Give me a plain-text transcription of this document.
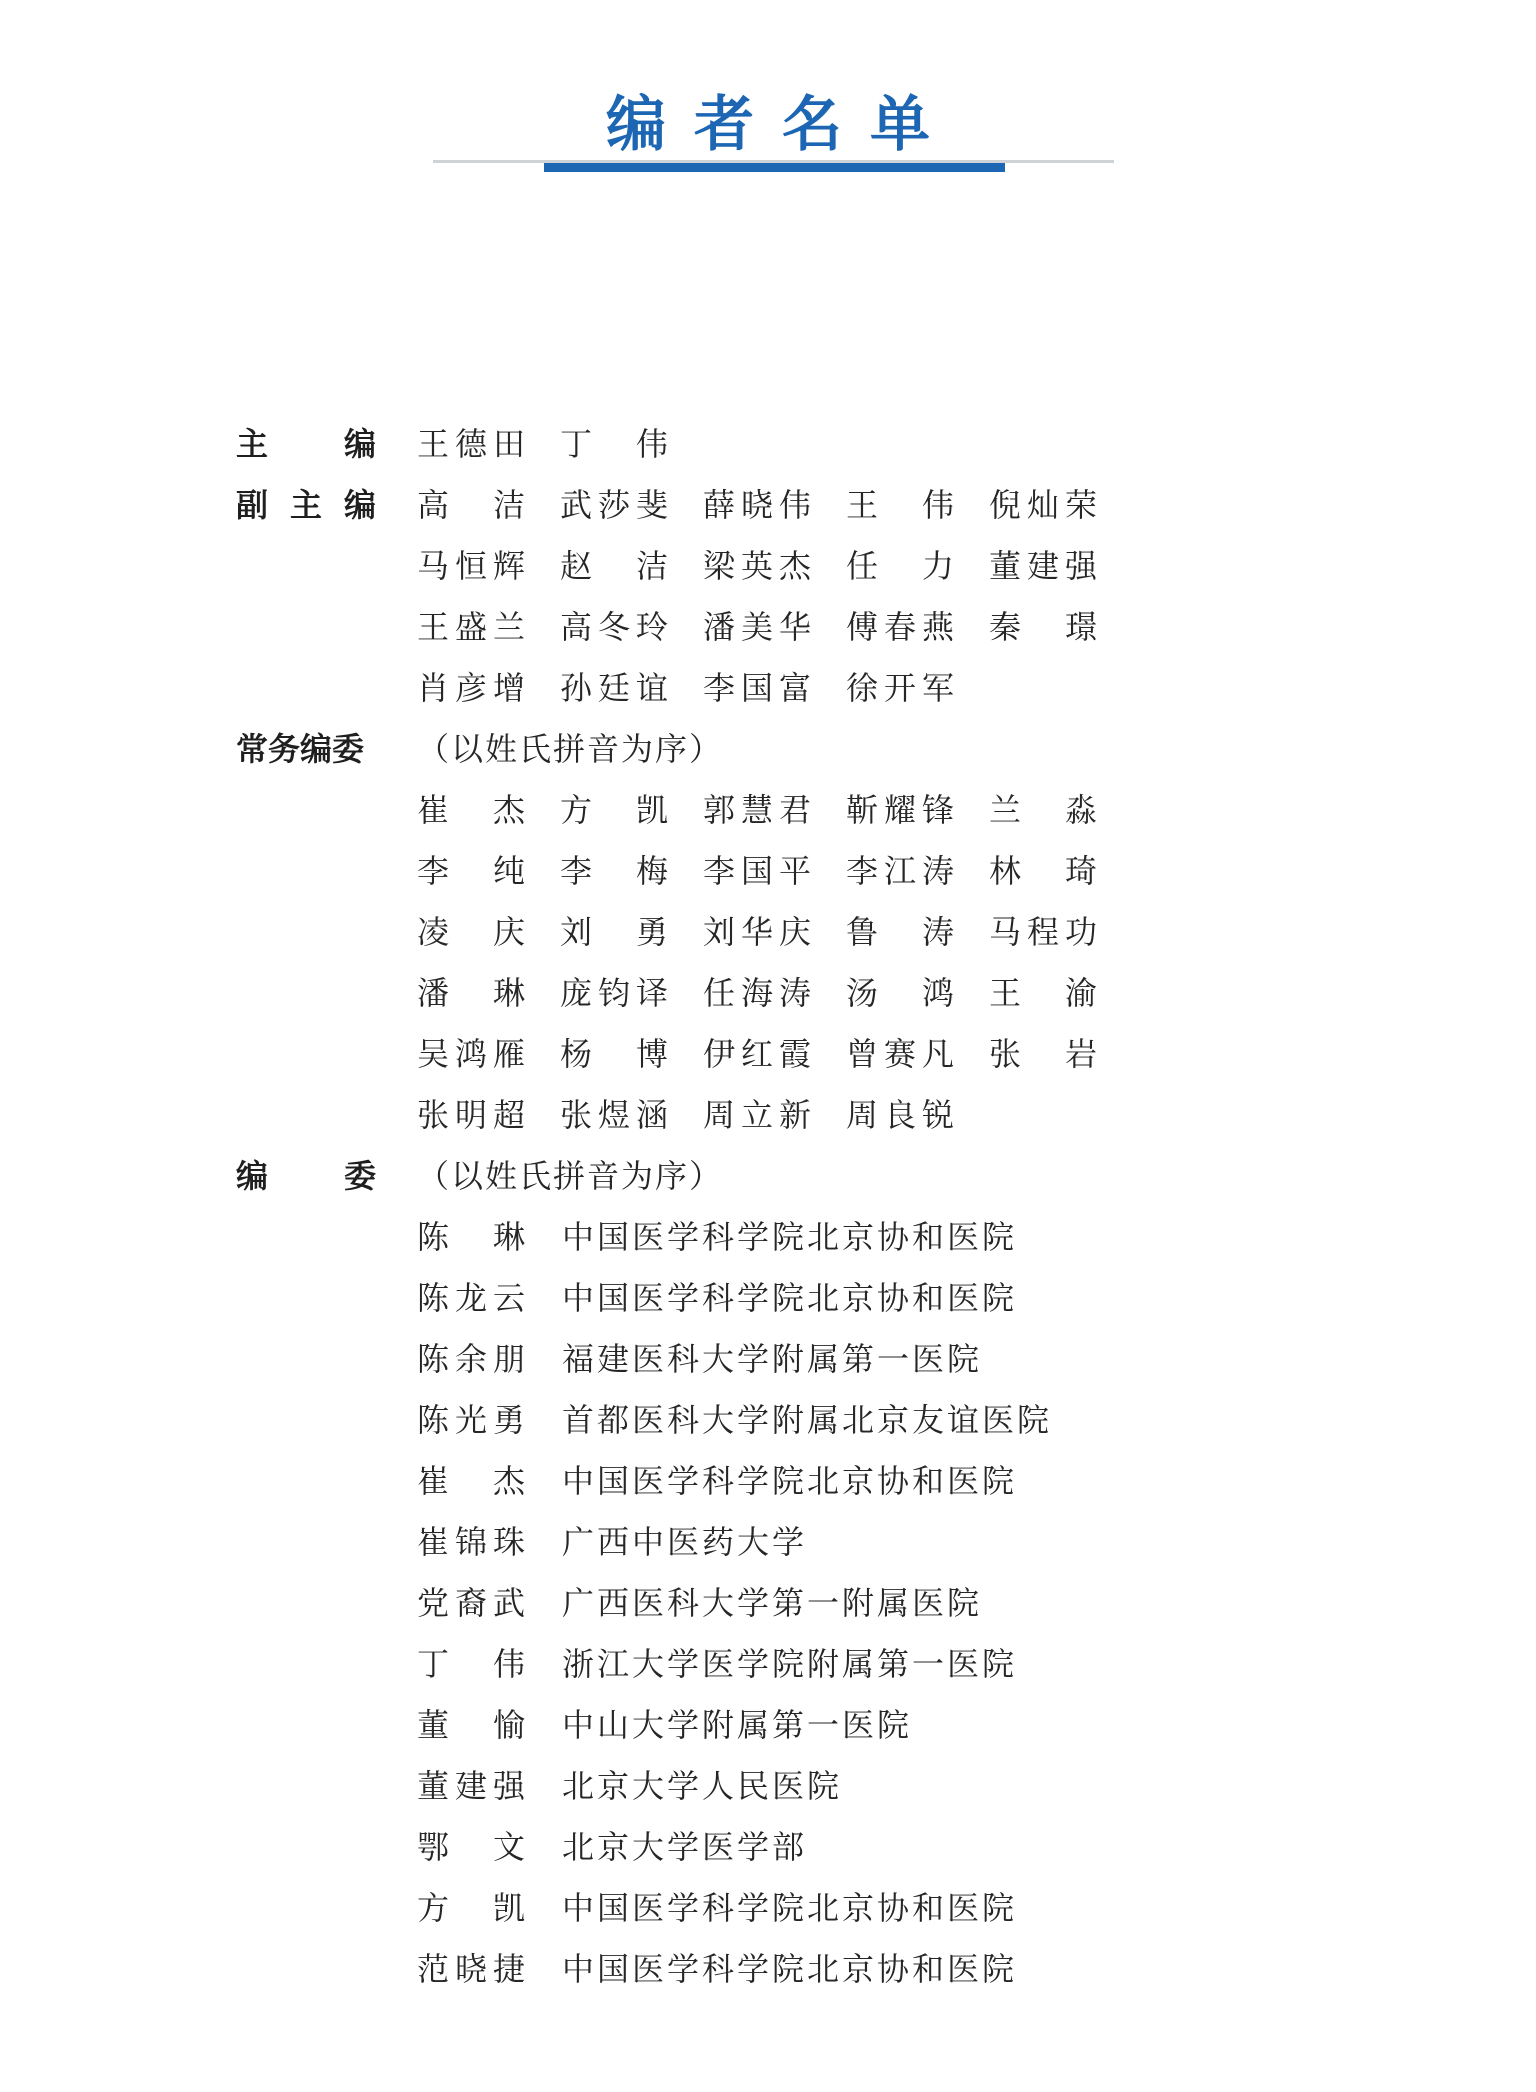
编者名单
主 编 王 德 田 丁 伟
副 主 编 高 洁 武 莎 斐 薛 晓 伟 王 伟 倪 灿 荣
马 恒 辉 赵 洁 梁 英 杰 任 力 董 建 强
王 盛 兰 高 冬 玲 潘 美 华 傅 春 燕 秦 璟
肖 彦 增 孙 廷 谊 李 国 富 徐 开 军
常务编委	（以姓氏拼音为序）
崔 杰 方 凯 郭 慧 君 靳 耀 锋 兰 淼
李 纯 李 梅 李 国 平 李 江 涛 林 琦
凌 庆 刘 勇 刘 华 庆 鲁 涛 马 程 功
潘 琳 庞 钧 译 任 海 涛 汤 鸿 王 渝
吴 鸿 雁 杨 博 伊 红 霞 曾 赛 凡 张 岩
张 明 超 张 煜 涵 周 立 新 周 良 锐
编 委 （以姓氏拼音为序）
陈 琳 中国医学科学院北京协和医院
陈 龙 云 中国医学科学院北京协和医院
陈 余 朋 福建医科大学附属第一医院
陈 光 勇 首都医科大学附属北京友谊医院
崔 杰 中国医学科学院北京协和医院
崔 锦 珠 广西中医药大学
党 裔 武 广西医科大学第一附属医院
丁 伟 浙江大学医学院附属第一医院
董 愉 中山大学附属第一医院
董 建 强 北京大学人民医院
鄂 文 北京大学医学部
方 凯 中国医学科学院北京协和医院
范 晓 捷 中国医学科学院北京协和医院
